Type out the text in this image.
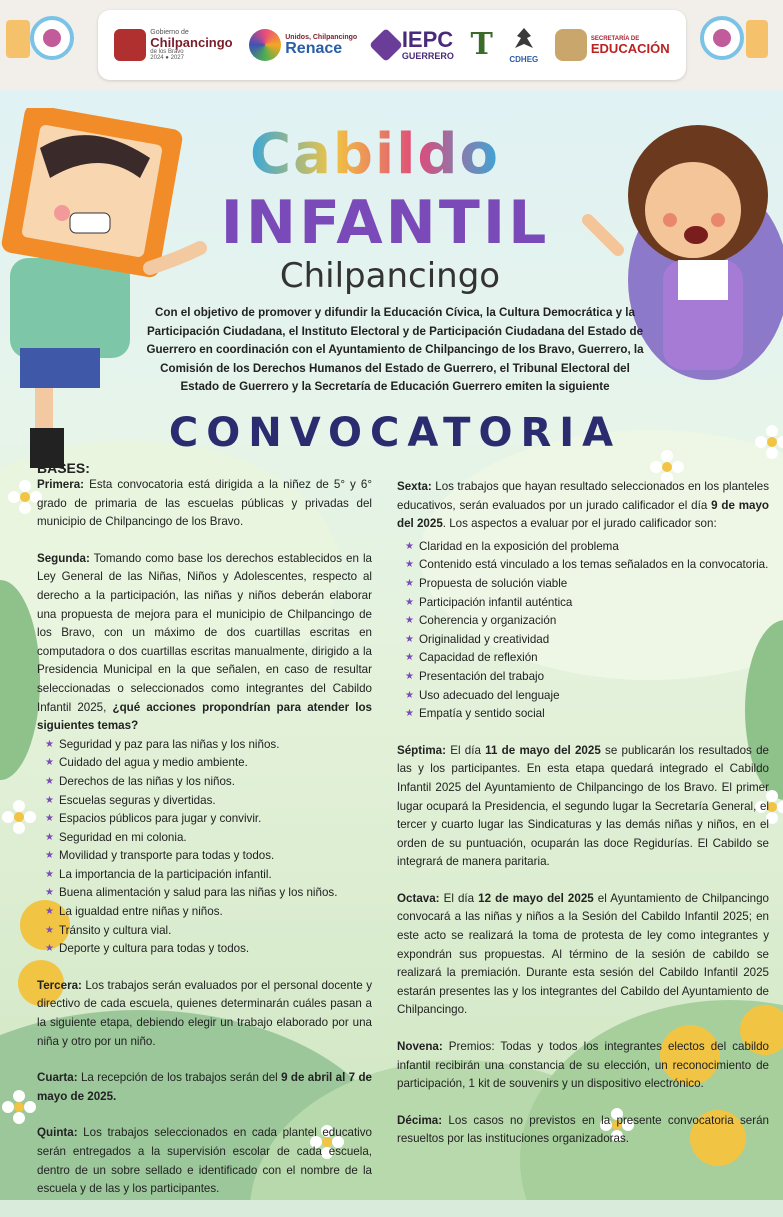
Gobierno de
Chilpancingo
de los Bravo
2024 ● 2027
Unidos, Chilpancingo
Renace	IEPC
GUERRERO T CDHEG
SECRETARÍA DE
EDUCACIÓN
Cabildo
INFANTIL
Chilpancingo
Con el objetivo de promover y difundir la Educación Cívica, la Cultura Democrática y la Participación Ciudadana, el Instituto Electoral y de Participación Ciudadana del Estado de Guerrero en coordinación con el Ayuntamiento de Chilpancingo de los Bravo, Guerrero, la Comisión de los Derechos Humanos del Estado de Guerrero, el Tribunal Electoral del Estado de Guerrero y la Secretaría de Educación Guerrero emiten la siguiente
CONVOCATORIA

BASES:

Primera: Esta convocatoria está dirigida a la niñez de 5° y 6° grado de primaria de las escuelas públicas y privadas del municipio de Chilpancingo de los Bravo.

Segunda: Tomando como base los derechos establecidos en la Ley General de las Niñas, Niños y Adolescentes, respecto al derecho a la participación, las niñas y niños deberán elaborar una propuesta de mejora para el municipio de Chilpancingo de los Bravo, con un máximo de dos cuartillas escritas en computadora o dos cuartillas escritas manualmente, dirigido a la Presidencia Municipal en la que señalen, en caso de resultar seleccionadas o seleccionados como integrantes del Cabildo Infantil 2025, ¿qué acciones propondrían para atender los siguientes temas?

★ Seguridad y paz para las niñas y los niños.
★ Cuidado del agua y medio ambiente.
★ Derechos de las niñas y los niños.
★ Escuelas seguras y divertidas.
★ Espacios públicos para jugar y convivir.
★ Seguridad en mi colonia.
★ Movilidad y transporte para todas y todos.
★ La importancia de la participación infantil.
★ Buena alimentación y salud para las niñas y los niños.
★ La igualdad entre niñas y niños.
★ Tránsito y cultura vial.
★ Deporte y cultura para todas y todos.

Tercera: Los trabajos serán evaluados por el personal docente y directivo de cada escuela, quienes determinarán cuáles pasan a la siguiente etapa, debiendo elegir un trabajo elaborado por una niña y otro por un niño.

Cuarta: La recepción de los trabajos serán del 9 de abril al 7 de mayo de 2025.

Quinta: Los trabajos seleccionados en cada plantel educativo serán entregados a la supervisión escolar de cada escuela, dentro de un sobre sellado e identificado con el nombre de la escuela y de las y los participantes.

Sexta: Los trabajos que hayan resultado seleccionados en los planteles educativos, serán evaluados por un jurado calificador el día 9 de mayo del 2025. Los aspectos a evaluar por el jurado calificador son:

★ Claridad en la exposición del problema
★ Contenido está vinculado a los temas señalados en la convocatoria.
★ Propuesta de solución viable
★ Participación infantil auténtica
★ Coherencia y organización
★ Originalidad y creatividad
★ Capacidad de reflexión
★ Presentación del trabajo
★ Uso adecuado del lenguaje
★ Empatía y sentido social

Séptima: El día 11 de mayo del 2025 se publicarán los resultados de las y los participantes. En esta etapa quedará integrado el Cabildo Infantil 2025 del Ayuntamiento de Chilpancingo de los Bravo. El primer lugar ocupará la Presidencia, el segundo lugar la Secretaría General, el tercer y cuarto lugar las Sindicaturas y las demás niñas y niños, en el orden de su puntuación, ocuparán las doce Regidurías. El Cabildo se integrará de manera paritaria.

Octava: El día 12 de mayo del 2025 el Ayuntamiento de Chilpancingo convocará a las niñas y niños a la Sesión del Cabildo Infantil 2025; en este acto se realizará la toma de protesta de ley como integrantes y expondrán sus propuestas. Al término de la sesión de cabildo se realizará la premiación. Durante esta sesión del Cabildo Infantil 2025 estarán presentes las y los integrantes del Cabildo del Ayuntamiento de Chilpancingo.

Novena: Premios: Todas y todos los integrantes electos del cabildo infantil recibirán una constancia de su elección, un reconocimiento de participación, 1 kit de souvenirs y un dispositivo electrónico.

Décima: Los casos no previstos en la presente convocatoria serán resueltos por las instituciones organizadoras.
